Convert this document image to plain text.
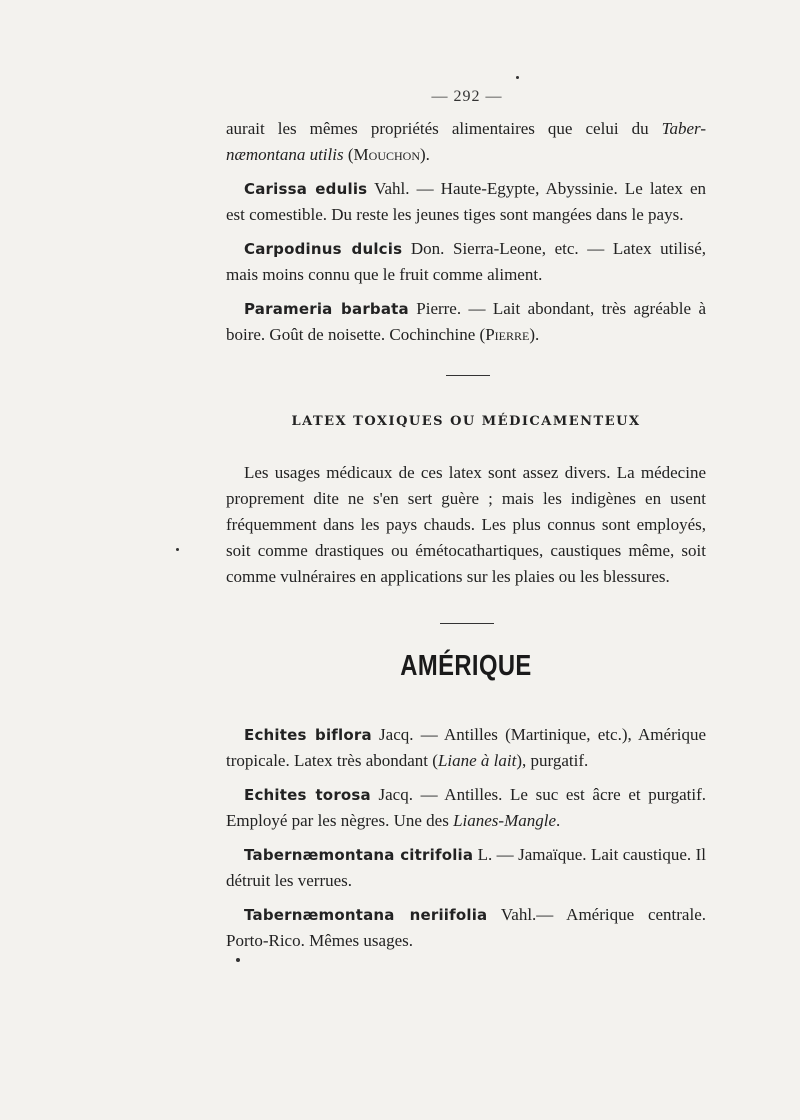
— 292 —

aurait les mêmes propriétés alimentaires que celui du Taber-næmontana utilis (Mouchon).

Carissa edulis Vahl. — Haute-Egypte, Abyssinie. Le latex en est comestible. Du reste les jeunes tiges sont mangées dans le pays.

Carpodinus dulcis Don. Sierra-Leone, etc. — Latex utilisé, mais moins connu que le fruit comme aliment.

Parameria barbata Pierre. — Lait abondant, très agréable à boire. Goût de noisette. Cochinchine (Pierre).

LATEX TOXIQUES OU MÉDICAMENTEUX

Les usages médicaux de ces latex sont assez divers. La médecine proprement dite ne s'en sert guère ; mais les indigènes en usent fréquemment dans les pays chauds. Les plus connus sont employés, soit comme drastiques ou émétocathartiques, caustiques même, soit comme vulnéraires en applications sur les plaies ou les blessures.

AMÉRIQUE

Echites biflora Jacq. — Antilles (Martinique, etc.), Amérique tropicale. Latex très abondant (Liane à lait), purgatif.

Echites torosa Jacq. — Antilles. Le suc est âcre et purgatif. Employé par les nègres. Une des Lianes-Mangle.

Tabernæmontana citrifolia L. — Jamaïque. Lait caustique. Il détruit les verrues.

Tabernæmontana neriifolia Vahl.— Amérique centrale. Porto-Rico. Mêmes usages.
